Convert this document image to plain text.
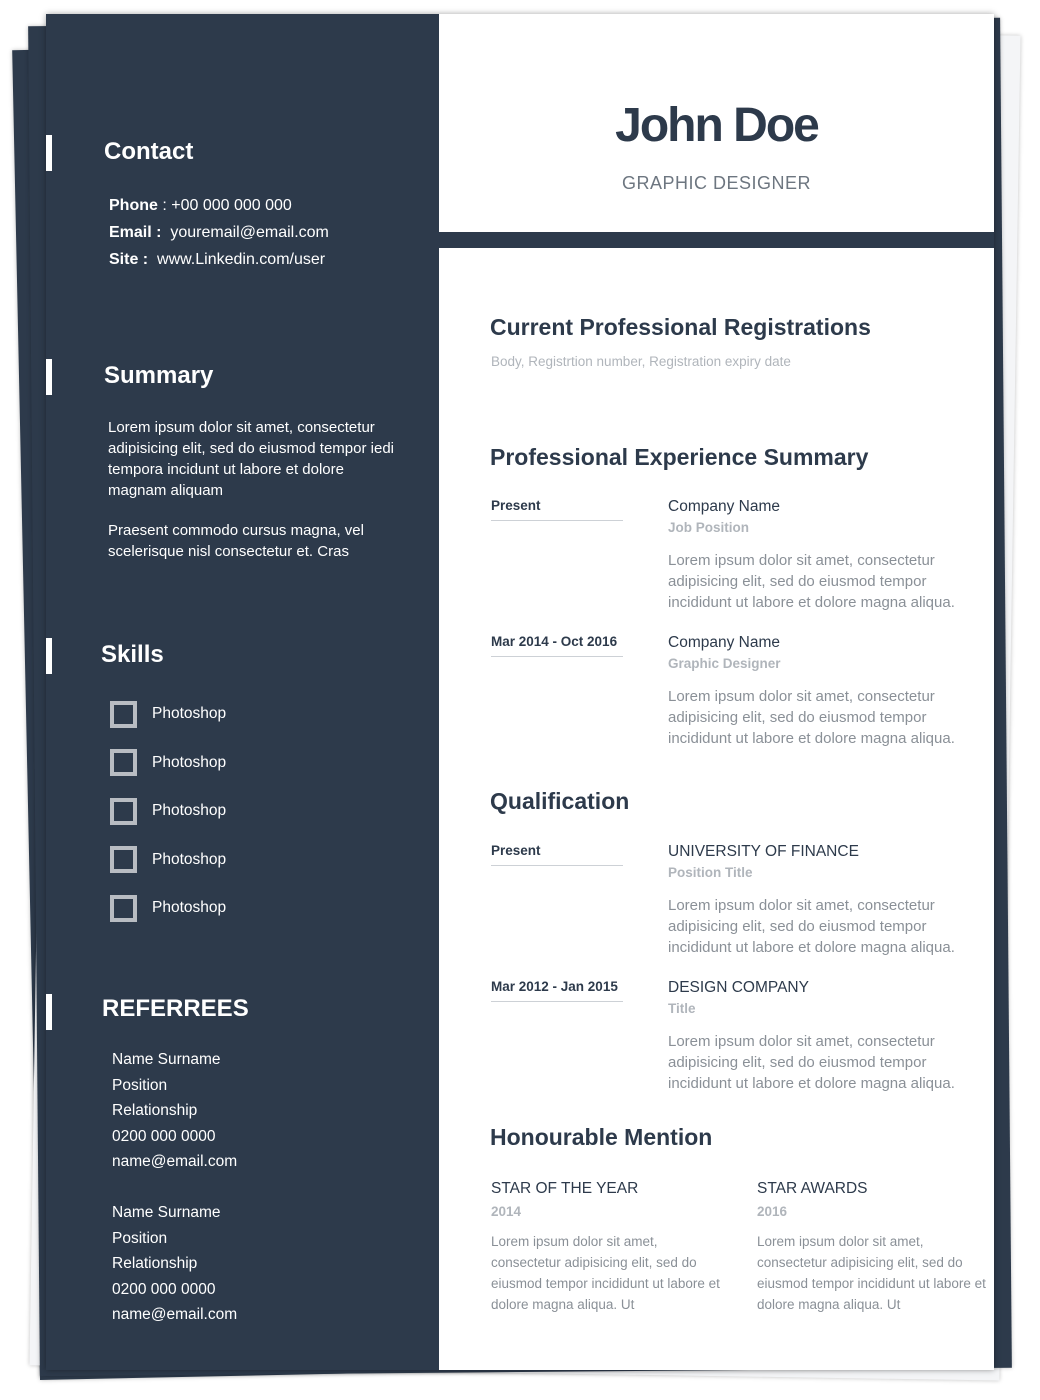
Contact
Phone : +00 000 000 000
Email : youremail@email.com
Site : www.Linkedin.com/user
Summary

Lorem ipsum dolor sit amet, consectetur adipisicing elit, sed do eiusmod tempor iedi tempora incidunt ut labore et dolore magnam aliquam

Praesent commodo cursus magna, vel scelerisque nisl consectetur et. Cras

Skills
Photoshop
Photoshop
Photoshop
Photoshop
Photoshop
REFERREES
Name Surname
Position
Relationship
0200 000 0000
name@email.com
Name Surname
Position
Relationship
0200 000 0000
name@email.com
John Doe
GRAPHIC DESIGNER
Current Professional Registrations
Body, Registrtion number, Registration expiry date
Professional Experience Summary
Present	Company Name
Job Position

Lorem ipsum dolor sit amet, consectetur adipisicing elit, sed do eiusmod tempor incididunt ut labore et dolore magna aliqua.

Mar 2014 - Oct 2016	Company Name
Graphic Designer

Lorem ipsum dolor sit amet, consectetur adipisicing elit, sed do eiusmod tempor incididunt ut labore et dolore magna aliqua.

Qualification
Present	UNIVERSITY OF FINANCE
Position Title

Lorem ipsum dolor sit amet, consectetur adipisicing elit, sed do eiusmod tempor incididunt ut labore et dolore magna aliqua.

Mar 2012 - Jan 2015	DESIGN COMPANY
Title

Lorem ipsum dolor sit amet, consectetur adipisicing elit, sed do eiusmod tempor incididunt ut labore et dolore magna aliqua.

Honourable Mention
STAR OF THE YEAR
2014

Lorem ipsum dolor sit amet, consectetur adipisicing elit, sed do eiusmod tempor incididunt ut labore et dolore magna aliqua. Ut

STAR AWARDS
2016

Lorem ipsum dolor sit amet, consectetur adipisicing elit, sed do eiusmod tempor incididunt ut labore et dolore magna aliqua. Ut
